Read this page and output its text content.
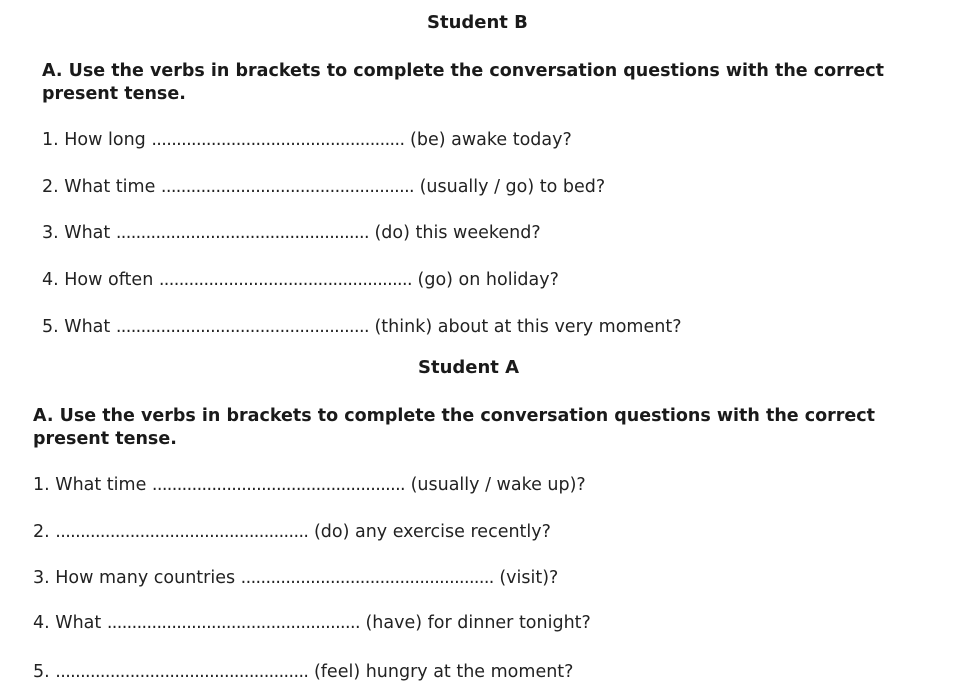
Student B
A. Use the verbs in brackets to complete the conversation questions with the correct present tense.
1. How long ................................................... (be) awake today?
2. What time ................................................... (usually / go) to bed?
3. What ................................................... (do) this weekend?
4. How often ................................................... (go) on holiday?
5. What ................................................... (think) about at this very moment?
Student A
A. Use the verbs in brackets to complete the conversation questions with the correct present tense.
1. What time ................................................... (usually / wake up)?
2. ................................................... (do) any exercise recently?
3. How many countries ................................................... (visit)?
4. What ................................................... (have) for dinner tonight?
5. ................................................... (feel) hungry at the moment?
